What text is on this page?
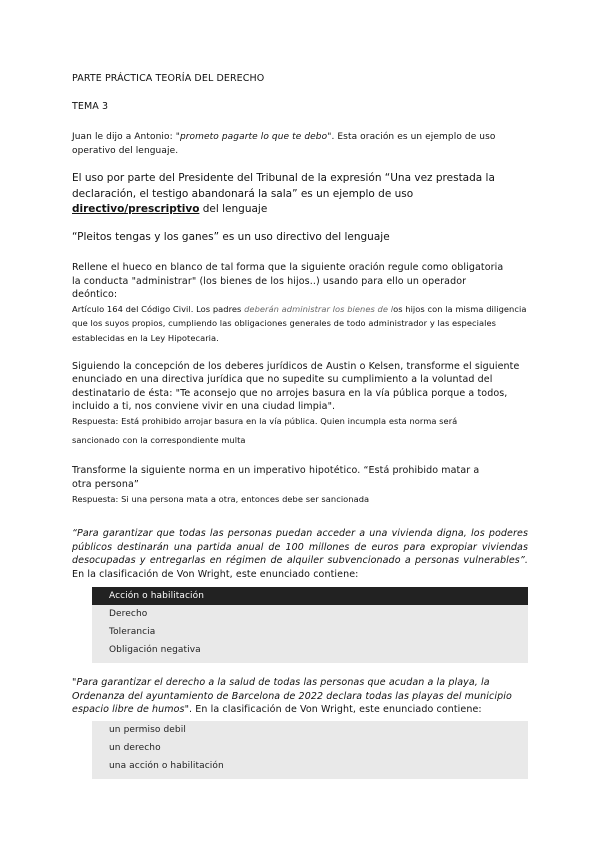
PARTE PRÁCTICA TEORÍA DEL DERECHO

TEMA 3

Juan le dijo a Antonio: "prometo pagarte lo que te debo". Esta oración es un ejemplo de uso operativo del lenguaje.

El uso por parte del Presidente del Tribunal de la expresión “Una vez prestada la declaración, el testigo abandonará la sala” es un ejemplo de uso directivo/prescriptivo del lenguaje

“Pleitos tengas y los ganes” es un uso directivo del lenguaje

Rellene el hueco en blanco de tal forma que la siguiente oración regule como obligatoria la conducta "administrar" (los bienes de los hijos..) usando para ello un operador deóntico:

Artículo 164 del Código Civil. Los padres deberán administrar los bienes de los hijos con la misma diligencia que los suyos propios, cumpliendo las obligaciones generales de todo administrador y las especiales establecidas en la Ley Hipotecaria.

Siguiendo la concepción de los deberes jurídicos de Austin o Kelsen, transforme el siguiente enunciado en una directiva jurídica que no supedite su cumplimiento a la voluntad del destinatario de ésta: "Te aconsejo que no arrojes basura en la vía pública porque a todos, incluido a ti, nos conviene vivir en una ciudad limpia".

Respuesta: Está prohibido arrojar basura en la vía pública. Quien incumpla esta norma será

sancionado con la correspondiente multa

Transforme la siguiente norma en un imperativo hipotético. “Está prohibido matar a otra persona”

Respuesta: Si una persona mata a otra, entonces debe ser sancionada

“Para garantizar que todas las personas puedan acceder a una vivienda digna, los poderes públicos destinarán una partida anual de 100 millones de euros para expropiar viviendas desocupadas y entregarlas en régimen de alquiler subvencionado a personas vulnerables”. En la clasificación de Von Wright, este enunciado contiene:

Acción o habilitación
Derecho
Tolerancia
Obligación negativa

"Para garantizar el derecho a la salud de todas las personas que acudan a la playa, la Ordenanza del ayuntamiento de Barcelona de 2022 declara todas las playas del municipio espacio libre de humos". En la clasificación de Von Wright, este enunciado contiene:

un permiso debil
un derecho
una acción o habilitación
